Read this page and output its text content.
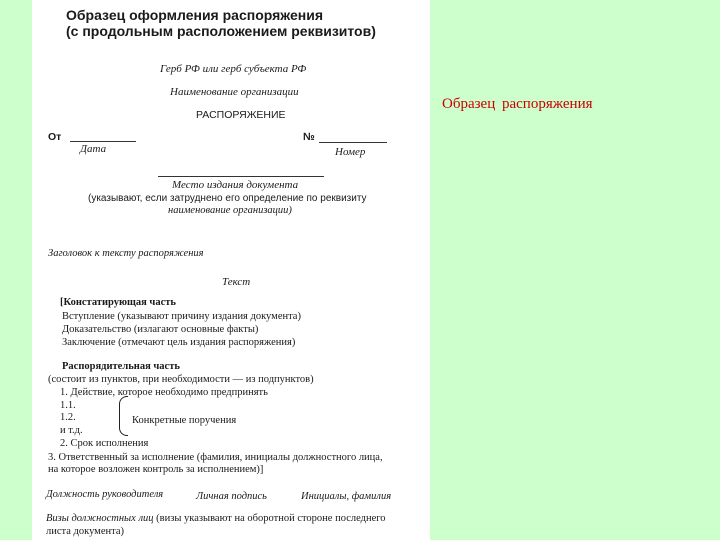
Образец оформления распоряжения
(с продольным расположением реквизитов)
Герб РФ или герб субъекта РФ
Наименование организации
РАСПОРЯЖЕНИЕ
От
Дата
№
Номер
Место издания документа
(указывают, если затруднено его определение по реквизиту
наименование организации)
Заголовок к тексту распоряжения
Текст
[Констатирующая часть
Вступление (указывают причину издания документа)
Доказательство (излагают основные факты)
Заключение (отмечают цель издания распоряжения)
Распорядительная часть
(состоит из пунктов, при необходимости — из подпунктов)
1. Действие, которое необходимо предпринять
1.1.
1.2.
и т.д.
Конкретные поручения
2. Срок исполнения
3. Ответственный за исполнение (фамилия, инициалы должностного лица,
на которое возложен контроль за исполнением)]
Должность руководителя	Личная подпись	Инициалы, фамилия
Визы должностных лиц (визы указывают на оборотной стороне последнего
листа документа)
Образец распоряжения
